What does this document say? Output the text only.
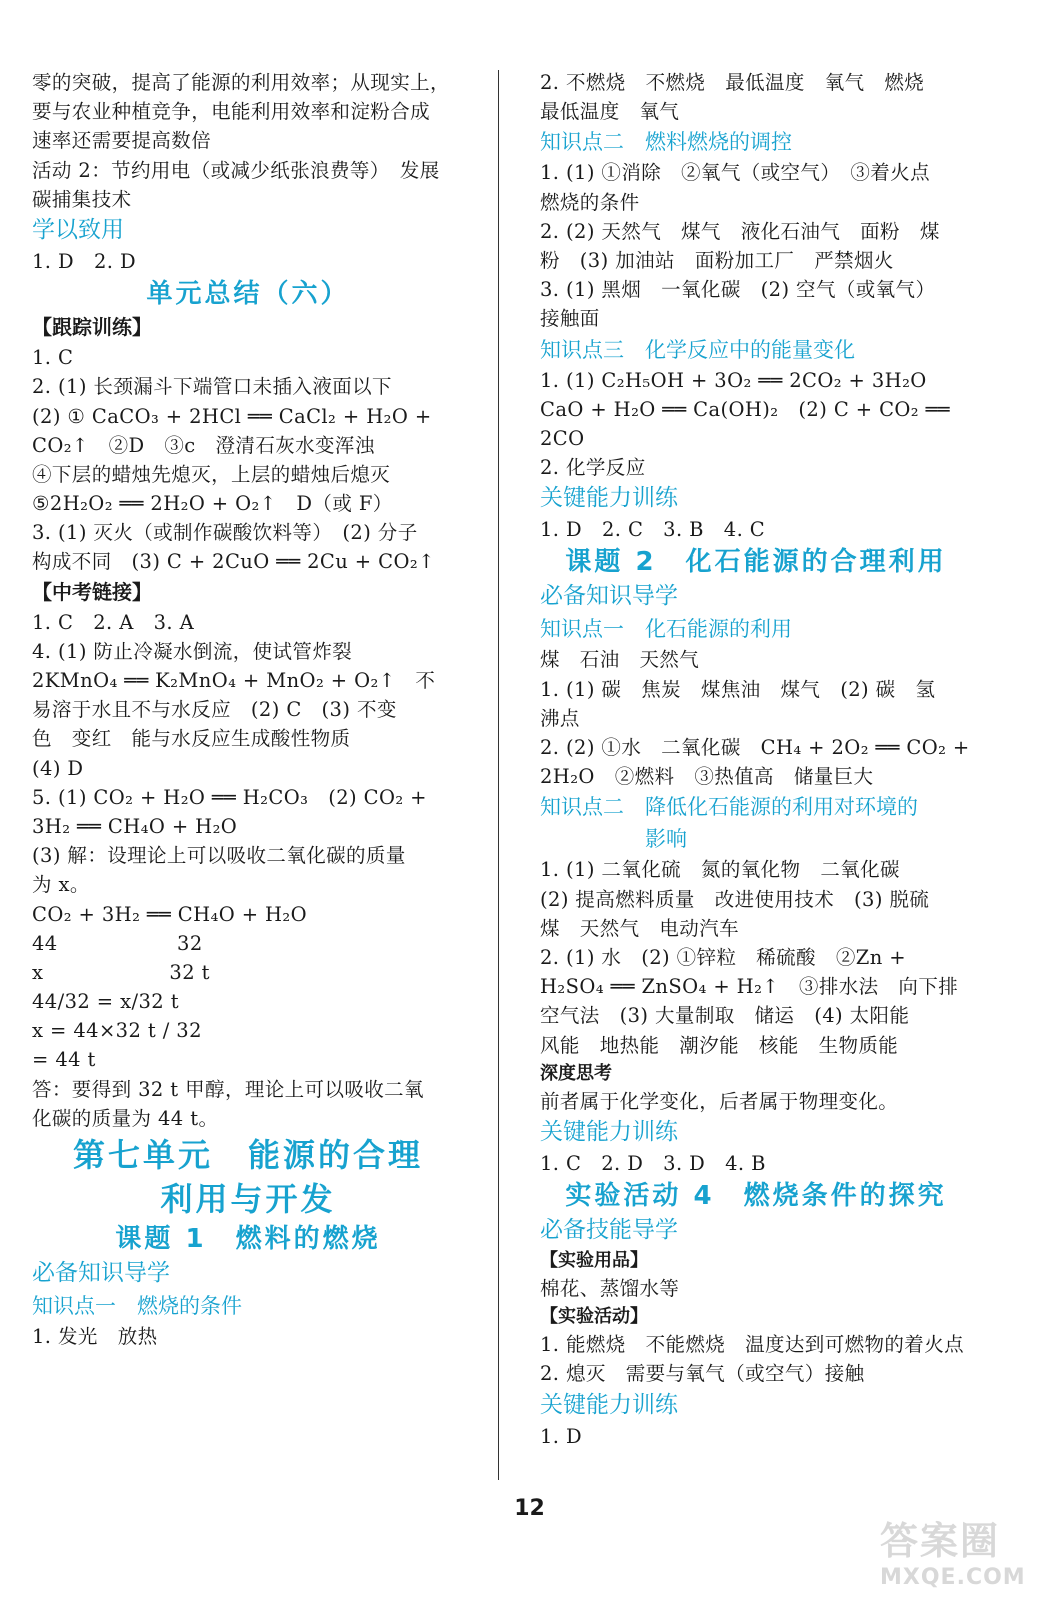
零的突破，提高了能源的利用效率；从现实上，
要与农业种植竞争，电能利用效率和淀粉合成
速率还需要提高数倍
活动 2：节约用电（或减少纸张浪费等）　发展
碳捕集技术
学以致用
1. D　2. D
单元总结（六）
【跟踪训练】
1. C
2. (1) 长颈漏斗下端管口未插入液面以下
(2) ① CaCO₃ + 2HCl ══ CaCl₂ + H₂O +
CO₂↑　②D　③c　澄清石灰水变浑浊
④下层的蜡烛先熄灭，上层的蜡烛后熄灭
⑤2H₂O₂ ══ 2H₂O + O₂↑　D（或 F）
3. (1) 灭火（或制作碳酸饮料等）　(2) 分子
构成不同　(3) C + 2CuO ══ 2Cu + CO₂↑
【中考链接】
1. C　2. A　3. A
4. (1) 防止冷凝水倒流，使试管炸裂
2KMnO₄ ══ K₂MnO₄ + MnO₂ + O₂↑　不
易溶于水且不与水反应　(2) C　(3) 不变
色　变红　能与水反应生成酸性物质
(4) D
5. (1) CO₂ + H₂O ══ H₂CO₃　(2) CO₂ +
3H₂ ══ CH₄O + H₂O
(3) 解：设理论上可以吸收二氧化碳的质量
为 x。
CO₂ + 3H₂ ══ CH₄O + H₂O
44　　　　　　32
x　　　　　　 32 t
44/32 = x/32 t
x = 44×32 t / 32
= 44 t
答：要得到 32 t 甲醇，理论上可以吸收二氧
化碳的质量为 44 t。
第七单元　能源的合理
利用与开发
课题 1　燃料的燃烧
必备知识导学
知识点一　燃烧的条件
1. 发光　放热
2. 不燃烧　不燃烧　最低温度　氧气　燃烧
最低温度　氧气
知识点二　燃料燃烧的调控
1. (1) ①消除　②氧气（或空气）　③着火点
燃烧的条件
2. (2) 天然气　煤气　液化石油气　面粉　煤
粉　(3) 加油站　面粉加工厂　严禁烟火
3. (1) 黑烟　一氧化碳　(2) 空气（或氧气）
接触面
知识点三　化学反应中的能量变化
1. (1) C₂H₅OH + 3O₂ ══ 2CO₂ + 3H₂O
CaO + H₂O ══ Ca(OH)₂　(2) C + CO₂ ══
2CO
2. 化学反应
关键能力训练
1. D　2. C　3. B　4. C
课题 2　化石能源的合理利用
必备知识导学
知识点一　化石能源的利用
煤　石油　天然气
1. (1) 碳　焦炭　煤焦油　煤气　(2) 碳　氢
沸点
2. (2) ①水　二氧化碳　CH₄ + 2O₂ ══ CO₂ +
2H₂O　②燃料　③热值高　储量巨大
知识点二　降低化石能源的利用对环境的
　　　　　影响
1. (1) 二氧化硫　氮的氧化物　二氧化碳
(2) 提高燃料质量　改进使用技术　(3) 脱硫
煤　天然气　电动汽车
2. (1) 水　(2) ①锌粒　稀硫酸　②Zn +
H₂SO₄ ══ ZnSO₄ + H₂↑　③排水法　向下排
空气法　(3) 大量制取　储运　(4) 太阳能
风能　地热能　潮汐能　核能　生物质能
深度思考
前者属于化学变化，后者属于物理变化。
关键能力训练
1. C　2. D　3. D　4. B
实验活动 4　燃烧条件的探究
必备技能导学
【实验用品】
棉花、蒸馏水等
【实验活动】
1. 能燃烧　不能燃烧　温度达到可燃物的着火点
2. 熄灭　需要与氧气（或空气）接触
关键能力训练
1. D
12
答案圈
MXQE.COM
